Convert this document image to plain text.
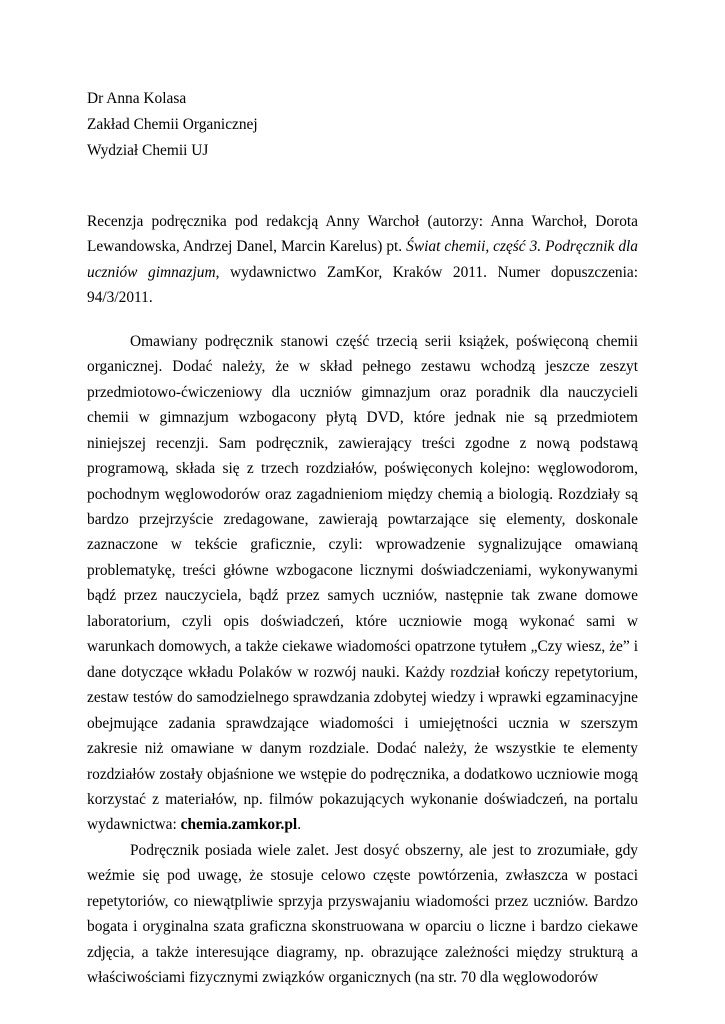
Dr Anna Kolasa
Zakład Chemii Organicznej
Wydział Chemii UJ

Recenzja podręcznika pod redakcją Anny Warchoł (autorzy: Anna Warchoł, Dorota Lewandowska, Andrzej Danel, Marcin Karelus) pt. Świat chemii, część 3. Podręcznik dla uczniów gimnazjum, wydawnictwo ZamKor, Kraków 2011. Numer dopuszczenia: 94/3/2011.

Omawiany podręcznik stanowi część trzecią serii książek, poświęconą chemii organicznej. Dodać należy, że w skład pełnego zestawu wchodzą jeszcze zeszyt przedmiotowo-ćwiczeniowy dla uczniów gimnazjum oraz poradnik dla nauczycieli chemii w gimnazjum wzbogacony płytą DVD, które jednak nie są przedmiotem niniejszej recenzji. Sam podręcznik, zawierający treści zgodne z nową podstawą programową, składa się z trzech rozdziałów, poświęconych kolejno: węglowodorom, pochodnym węglowodorów oraz zagadnieniom między chemią a biologią. Rozdziały są bardzo przejrzyście zredagowane, zawierają powtarzające się elementy, doskonale zaznaczone w tekście graficznie, czyli: wprowadzenie sygnalizujące omawianą problematykę, treści główne wzbogacone licznymi doświadczeniami, wykonywanymi bądź przez nauczyciela, bądź przez samych uczniów, następnie tak zwane domowe laboratorium, czyli opis doświadczeń, które uczniowie mogą wykonać sami w warunkach domowych, a także ciekawe wiadomości opatrzone tytułem „Czy wiesz, że” i dane dotyczące wkładu Polaków w rozwój nauki. Każdy rozdział kończy repetytorium, zestaw testów do samodzielnego sprawdzania zdobytej wiedzy i wprawki egzaminacyjne obejmujące zadania sprawdzające wiadomości i umiejętności ucznia w szerszym zakresie niż omawiane w danym rozdziale. Dodać należy, że wszystkie te elementy rozdziałów zostały objaśnione we wstępie do podręcznika, a dodatkowo uczniowie mogą korzystać z materiałów, np. filmów pokazujących wykonanie doświadczeń, na portalu wydawnictwa: chemia.zamkor.pl.

Podręcznik posiada wiele zalet. Jest dosyć obszerny, ale jest to zrozumiałe, gdy weźmie się pod uwagę, że stosuje celowo częste powtórzenia, zwłaszcza w postaci repetytoriów, co niewątpliwie sprzyja przyswajaniu wiadomości przez uczniów. Bardzo bogata i oryginalna szata graficzna skonstruowana w oparciu o liczne i bardzo ciekawe zdjęcia, a także interesujące diagramy, np. obrazujące zależności między strukturą a właściwościami fizycznymi związków organicznych (na str. 70 dla węglowodorów
